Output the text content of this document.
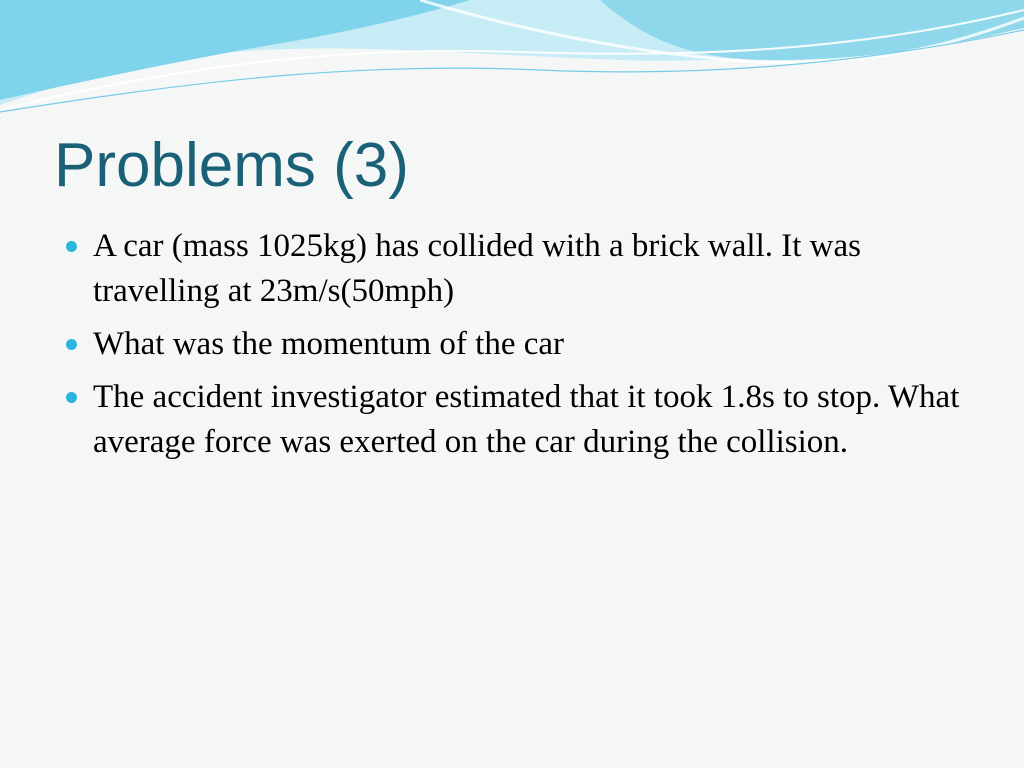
Problems (3)
A car (mass 1025kg) has collided with a brick wall. It was travelling at 23m/s(50mph)
What was the momentum of the car
The accident investigator estimated that it took 1.8s to stop. What average force was exerted on the car during the collision.
